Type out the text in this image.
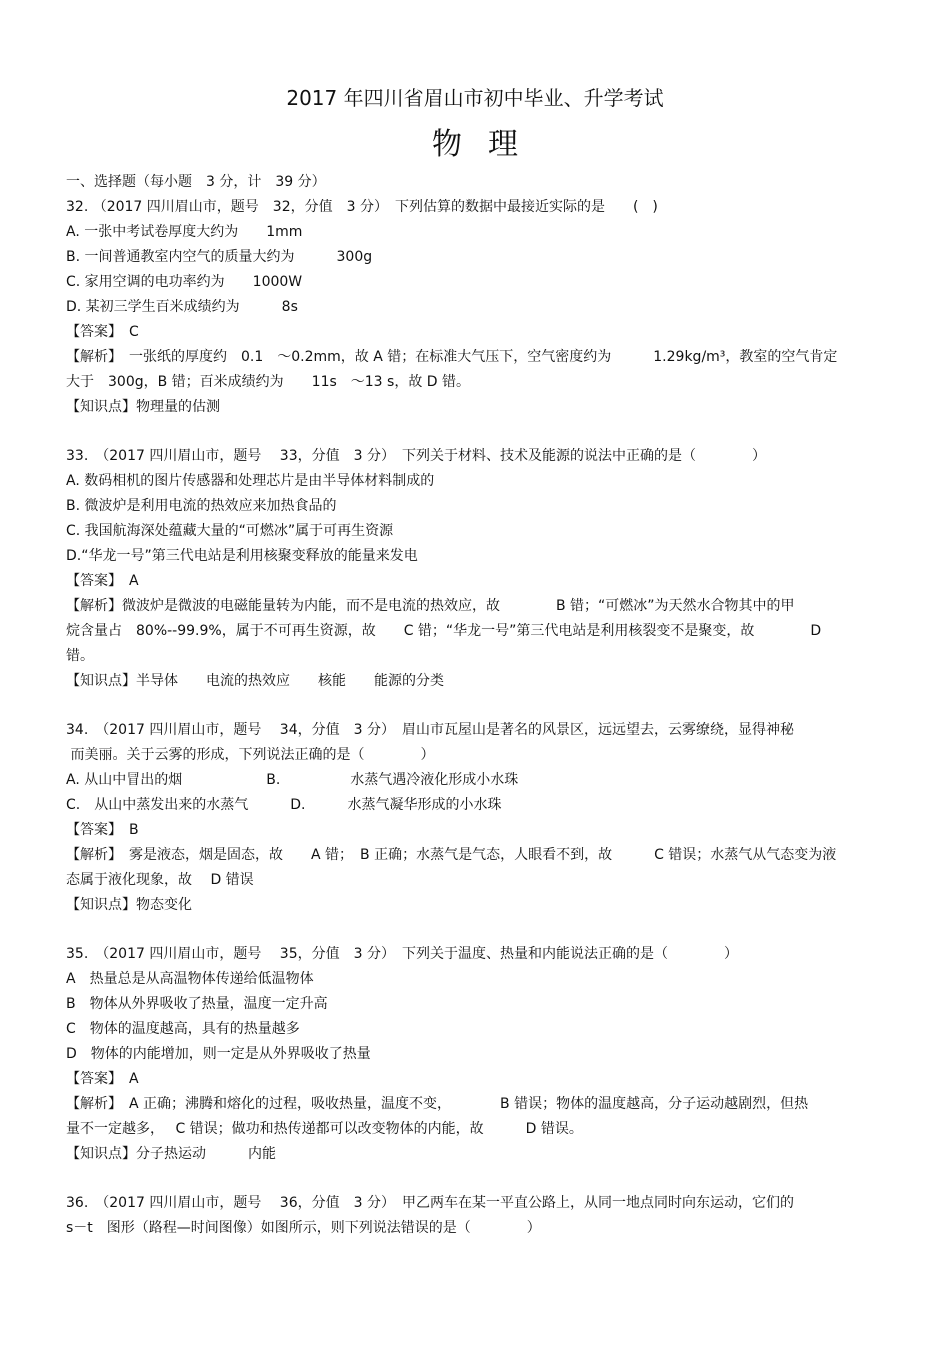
2017 年四川省眉山市初中毕业、升学考试
物理
一、选择题（每小题　3 分，计　39 分）
32. （2017 四川眉山市，题号　32，分值　3 分）　下列估算的数据中最接近实际的是　　(　)
A. 一张中考试卷厚度大约为　　1mm
B. 一间普通教室内空气的质量大约为　　　300g
C. 家用空调的电功率约为　　1000W
D. 某初三学生百米成绩约为　　　8s
【答案】　C
【解析】　一张纸的厚度约　0.1　～0.2mm，故 A 错；在标准大气压下，空气密度约为　　　1.29kg/m³，教室的空气肯定
大于　300g，B 错；百米成绩约为　　11s　～13 s，故 D 错。
【知识点】物理量的估测
33.　（2017 四川眉山市，题号　 33，分值　3 分）　下列关于材料、技术及能源的说法中正确的是（　　　　）
A. 数码相机的图片传感器和处理芯片是由半导体材料制成的
B. 微波炉是利用电流的热效应来加热食品的
C. 我国航海深处蕴藏大量的“可燃冰”属于可再生资源
D.“华龙一号”第三代电站是利用核聚变释放的能量来发电
【答案】　A
【解析】微波炉是微波的电磁能量转为内能，而不是电流的热效应，故　　　　B 错；“可燃冰”为天然水合物其中的甲
烷含量占　80%--99.9%，属于不可再生资源，故　　C 错；“华龙一号”第三代电站是利用核裂变不是聚变，故　　　　D
错。
【知识点】半导体　　电流的热效应　　核能　　能源的分类
34.　（2017 四川眉山市，题号　 34，分值　3 分）　眉山市瓦屋山是著名的风景区，远远望去，云雾缭绕，显得神秘
而美丽。关于云雾的形成，下列说法正确的是（　　　　）
A. 从山中冒出的烟　　　　　　B.　　　　　水蒸气遇冷液化形成小水珠
C.　从山中蒸发出来的水蒸气　　　D.　　　水蒸气凝华形成的小水珠
【答案】　B
【解析】　雾是液态，烟是固态，故　　A 错；　B 正确；水蒸气是气态，人眼看不到，故　　　C 错误；水蒸气从气态变为液
态属于液化现象，故　 D 错误
【知识点】物态变化
35.　（2017 四川眉山市，题号　 35，分值　3 分）　下列关于温度、热量和内能说法正确的是（　　　　）
A　热量总是从高温物体传递给低温物体
B　物体从外界吸收了热量，温度一定升高
C　物体的温度越高，具有的热量越多
D　物体的内能增加，则一定是从外界吸收了热量
【答案】　A
【解析】　A 正确；沸腾和熔化的过程，吸收热量，温度不变，　　　　B 错误；物体的温度越高，分子运动越剧烈，但热
量不一定越多，　 C 错误；做功和热传递都可以改变物体的内能，故　　　D 错误。
【知识点】分子热运动　　　内能
36.　（2017 四川眉山市，题号　 36，分值　3 分）　甲乙两车在某一平直公路上，从同一地点同时向东运动，它们的
s－t　图形（路程—时间图像）如图所示，则下列说法错误的是（　　　　）
